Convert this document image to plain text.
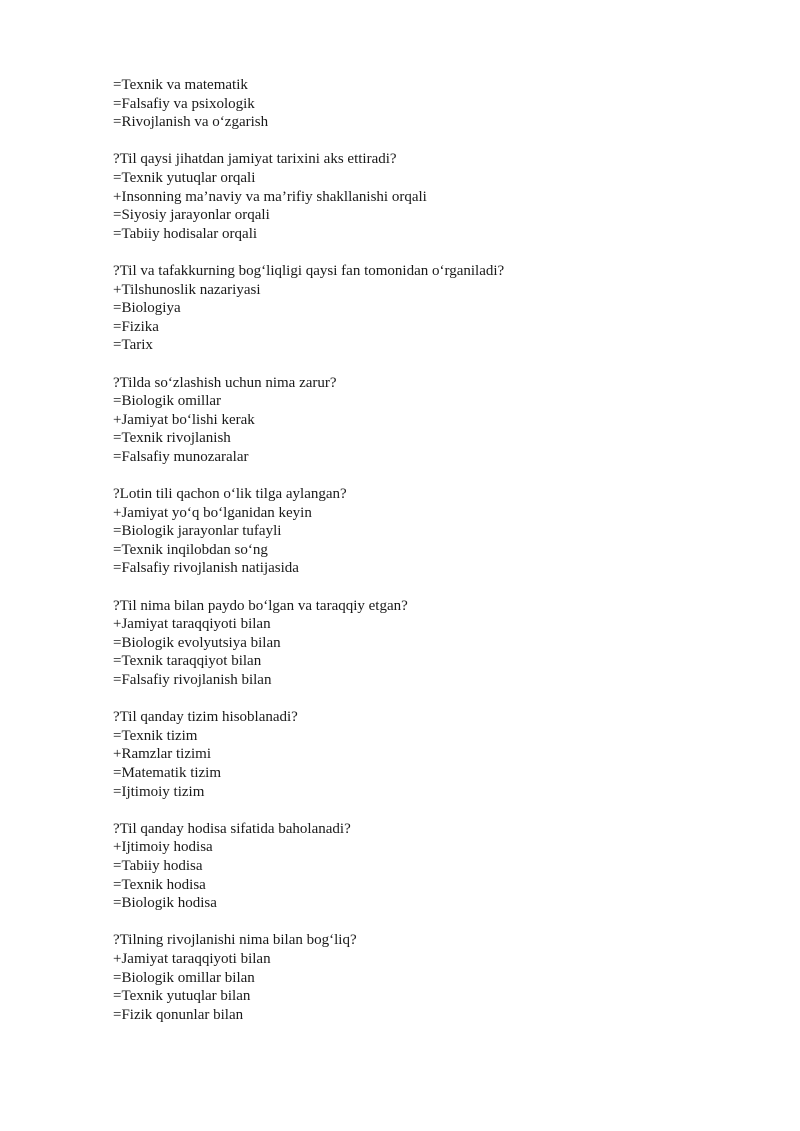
=Texnik va matematik
=Falsafiy va psixologik
=Rivojlanish va o‘zgarish
?Til qaysi jihatdan jamiyat tarixini aks ettiradi?
=Texnik yutuqlar orqali
+Insonning ma’naviy va ma’rifiy shakllanishi orqali
=Siyosiy jarayonlar orqali
=Tabiiy hodisalar orqali
?Til va tafakkurning bog‘liqligi qaysi fan tomonidan o‘rganiladi?
+Tilshunoslik nazariyasi
=Biologiya
=Fizika
=Tarix
?Tilda so‘zlashish uchun nima zarur?
=Biologik omillar
+Jamiyat bo‘lishi kerak
=Texnik rivojlanish
=Falsafiy munozaralar
?Lotin tili qachon o‘lik tilga aylangan?
+Jamiyat yo‘q bo‘lganidan keyin
=Biologik jarayonlar tufayli
=Texnik inqilobdan so‘ng
=Falsafiy rivojlanish natijasida
?Til nima bilan paydo bo‘lgan va taraqqiy etgan?
+Jamiyat taraqqiyoti bilan
=Biologik evolyutsiya bilan
=Texnik taraqqiyot bilan
=Falsafiy rivojlanish bilan
?Til qanday tizim hisoblanadi?
=Texnik tizim
+Ramzlar tizimi
=Matematik tizim
=Ijtimoiy tizim
?Til qanday hodisa sifatida baholanadi?
+Ijtimoiy hodisa
=Tabiiy hodisa
=Texnik hodisa
=Biologik hodisa
?Tilning rivojlanishi nima bilan bog‘liq?
+Jamiyat taraqqiyoti bilan
=Biologik omillar bilan
=Texnik yutuqlar bilan
=Fizik qonunlar bilan
